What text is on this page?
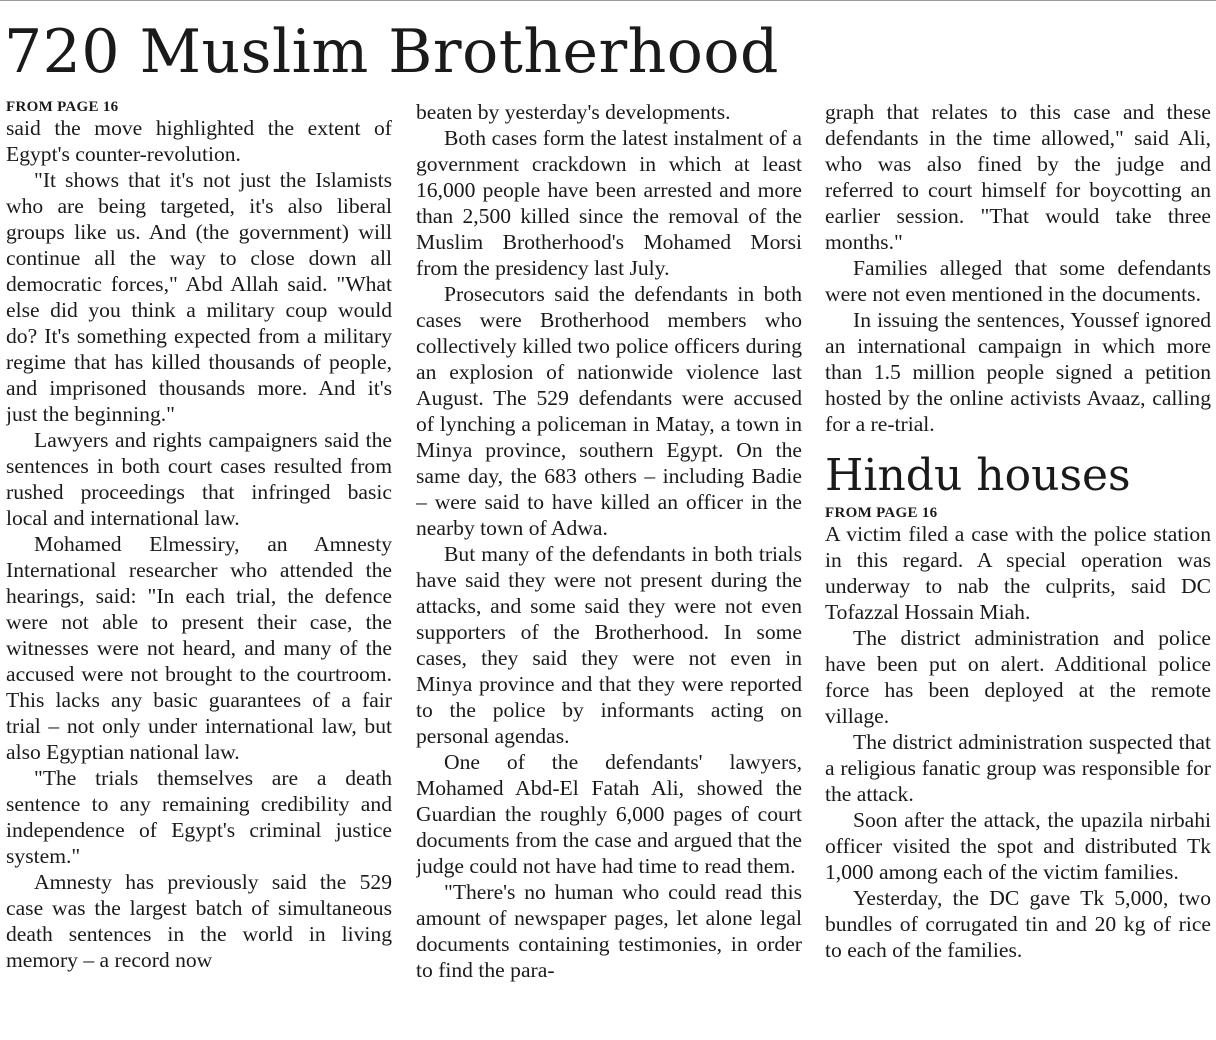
720 Muslim Brotherhood
FROM PAGE 16

said the move highlighted the extent of Egypt's counter-revolution.

"It shows that it's not just the Islamists who are being targeted, it's also liberal groups like us. And (the government) will continue all the way to close down all democratic forces," Abd Allah said. "What else did you think a military coup would do? It's something expected from a military regime that has killed thousands of people, and imprisoned thousands more. And it's just the beginning."

Lawyers and rights campaigners said the sentences in both court cases resulted from rushed proceedings that infringed basic local and international law.

Mohamed Elmessiry, an Amnesty International researcher who attended the hearings, said: "In each trial, the defence were not able to present their case, the witnesses were not heard, and many of the accused were not brought to the courtroom. This lacks any basic guarantees of a fair trial – not only under international law, but also Egyptian national law.

"The trials themselves are a death sentence to any remaining credibility and independence of Egypt's criminal justice system."

Amnesty has previously said the 529 case was the largest batch of simultaneous death sentences in the world in living memory – a record now

beaten by yesterday's developments.

Both cases form the latest instalment of a government crackdown in which at least 16,000 people have been arrested and more than 2,500 killed since the removal of the Muslim Brotherhood's Mohamed Morsi from the presidency last July.

Prosecutors said the defendants in both cases were Brotherhood members who collectively killed two police officers during an explosion of nationwide violence last August. The 529 defendants were accused of lynching a policeman in Matay, a town in Minya province, southern Egypt. On the same day, the 683 others – including Badie – were said to have killed an officer in the nearby town of Adwa.

But many of the defendants in both trials have said they were not present during the attacks, and some said they were not even supporters of the Brotherhood. In some cases, they said they were not even in Minya province and that they were reported to the police by informants acting on personal agendas.

One of the defendants' lawyers, Mohamed Abd-El Fatah Ali, showed the Guardian the roughly 6,000 pages of court documents from the case and argued that the judge could not have had time to read them.

"There's no human who could read this amount of newspaper pages, let alone legal documents containing testimonies, in order to find the para-

graph that relates to this case and these defendants in the time allowed," said Ali, who was also fined by the judge and referred to court himself for boycotting an earlier session. "That would take three months."

Families alleged that some defendants were not even mentioned in the documents.

In issuing the sentences, Youssef ignored an international campaign in which more than 1.5 million people signed a petition hosted by the online activists Avaaz, calling for a re-trial.

Hindu houses
FROM PAGE 16

A victim filed a case with the police station in this regard. A special operation was underway to nab the culprits, said DC Tofazzal Hossain Miah.

The district administration and police have been put on alert. Additional police force has been deployed at the remote village.

The district administration suspected that a religious fanatic group was responsible for the attack.

Soon after the attack, the upazila nirbahi officer visited the spot and distributed Tk 1,000 among each of the victim families.

Yesterday, the DC gave Tk 5,000, two bundles of corrugated tin and 20 kg of rice to each of the families.
